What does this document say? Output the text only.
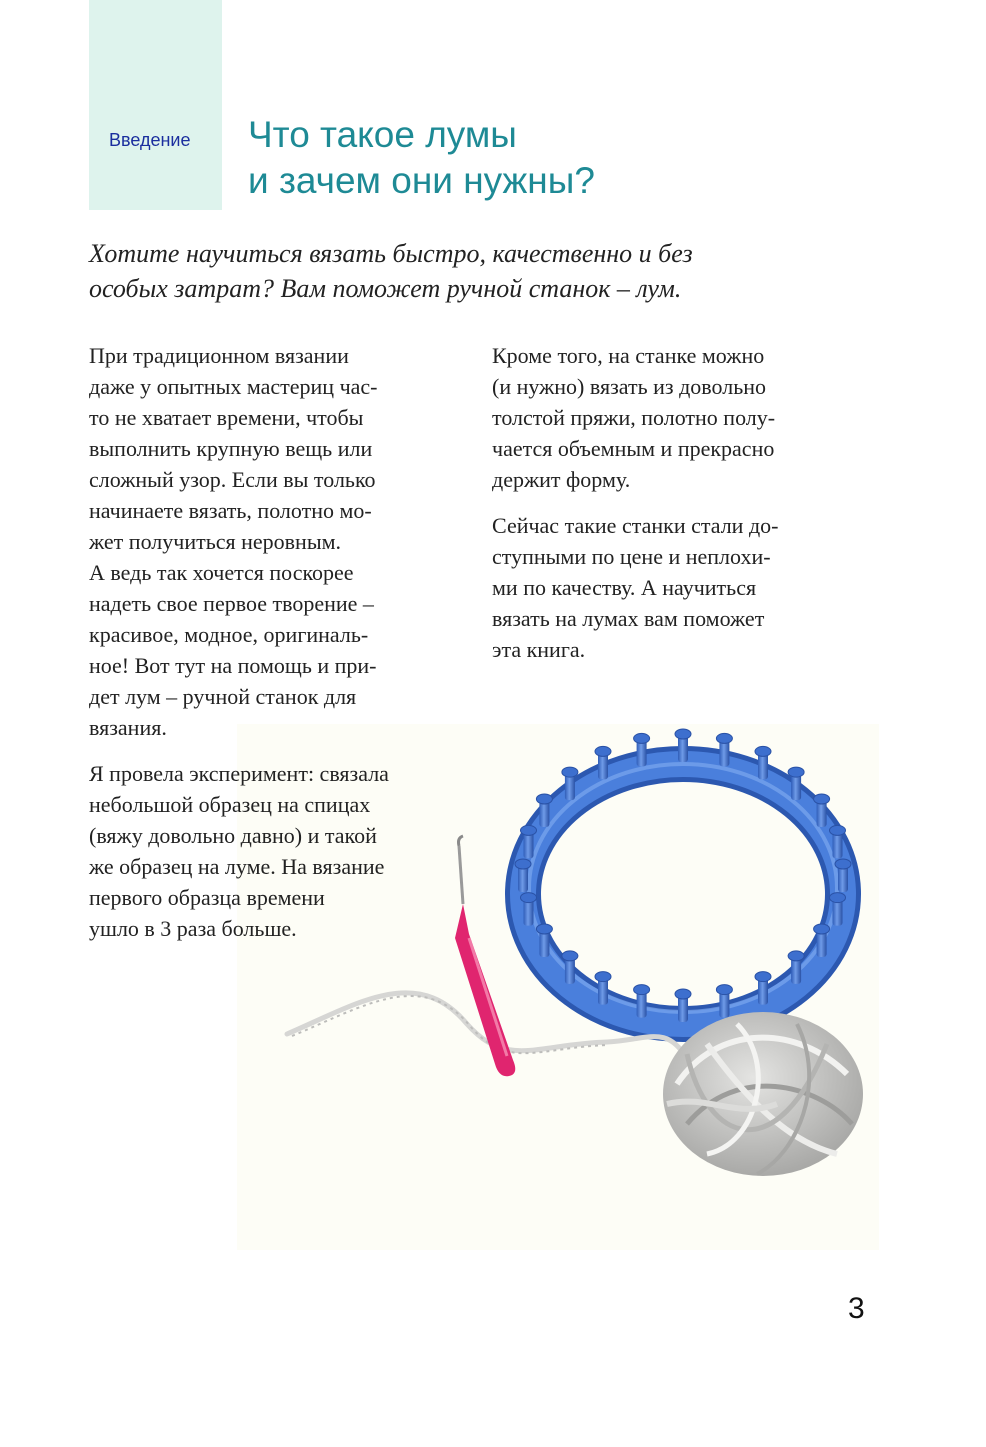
Введение Что такое лумы
и зачем они нужны?

Хотите научиться вязать быстро, качественно и без
особых затрат? Вам поможет ручной станок – лум.

При традиционном вязании
даже у опытных мастериц час-
то не хватает времени, чтобы
выполнить крупную вещь или
сложный узор. Если вы только
начинаете вязать, полотно мо-
жет получиться неровным.
А ведь так хочется поскорее
надеть свое первое творение –
красивое, модное, оригиналь-
ное! Вот тут на помощь и при-
дет лум – ручной станок для
вязания.

Я провела эксперимент: связала
небольшой образец на спицах
(вяжу довольно давно) и такой
же образец на луме. На вязание
первого образца времени
ушло в 3 раза больше.

Кроме того, на станке можно
(и нужно) вязать из довольно
толстой пряжи, полотно полу-
чается объемным и прекрасно
держит форму.

Сейчас такие станки стали до-
ступными по цене и неплохи-
ми по качеству. А научиться
вязать на лумах вам поможет
эта книга.

3
